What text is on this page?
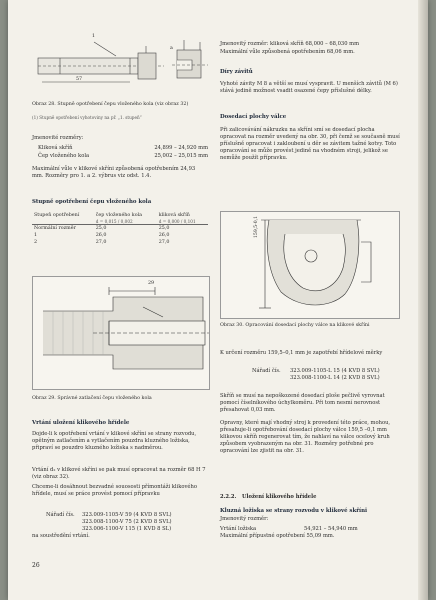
1
a
57
Obraz 28. Stupně opotřebení čepu vloženého kola (viz obraz 32)
(1) Stupně opotřebení vyhotoviny na př. „1. stupeň“
Jmenovité rozměry:
Kliková skříň	24,899 – 24,920 mm
Čep vloženého kola	25,002 – 25,015 mm
Maximální vůle v klikové skříni způsobená opotřebením 24,93 mm. Rozměry pro 1. a 2. výbrus viz odst. 1.4.
Stupně opotřebení čepu vloženého kola
Stupeň opotřebení	čep vloženého kola	kliková skříň
	d = 0,015 / 0,002	d = 0,000 / 0,101
Normální rozměr	25,0	25,0
1	26,0	26,0
2	27,0	27,0
29
Obraz 29. Správné zatlačení čepu vloženého kola
Vrtání uložení klikového hřídele
Dojde-li k opotřebení vrtání v klikové skříni se strany rozvodu, opětným zatlačením a vytlačením pouzdra kluzného ložiska, připraví se pouzdro kluzného ložiska s nadměrou.
Vrtání d₂ v klikové skříni se pak musí opracovat na rozměr 68 H 7 (viz obraz 32).
Chceme-li dosáhnout bezvadné souososti přímontáži klikového hřídele, musí se práce provést pomocí přípravku
Nářadí čís. 323.009-1105-V 59 (4 KVD 8 SVL)
323.008-1100-V 75 (2 KVD 8 SVL)
323.006-1100-V 115 (1 KVD 8 SL)
na soustředění vrtání.
26
Jmenovitý rozměr: kliková skříň 68,000 – 68,030 mm
Maximální vůle způsobená opotřebením 68,06 mm.
Díry závitů
Vyhoté závity M 8 a větší se musí vyspravit. U menších závitů (M 6) stává jedině možnost vsadit osazené čepy příslušné délky.
Dosedací plochy válce
Při zalicovávání nákruzku na skříni smí se dosedací plocha opracovat na rozměr uvedený na obr. 30, při čemž se současně musí příslušně opracovat i zakloubení u děr se závitem tažné kotvy. Toto opracování se může provést jedině na vhodném stroji, jelikož se nemůže použít přípravku.
159,5-0,1
Obraz 30. Opracování dosedací plochy válce na klikové skříni
K určení rozměru 159,5–0,1 mm je zapotřebí hřídelové měrky
Nářadí čís. 323.009-1105-L 15 (4 KVD 8 SVL)
323.008-1100-L 14 (2 KVD 8 SVL)
Skříň se musí na nepoškozené dosedací ploše pečlivě vyrovnat pomocí číselníkového úchylkoměru. Při tom nesmí nerovnost přesahovat 0,03 mm.
Opravny, které mají vhodný stroj k provedení této práce, mohou, přesahuje-li opotřebování dosedací plochy válce 159,5 –0,1 mm klikovou skříň regenerovat tím, že nahlaví na válce ocelový kruh způsobem vyobrazeným na obr. 31. Rozměry potřebné pro opracování lze zjistit na obr. 31.
2.2.2. Uložení klikového hřídele
Kluzná ložiska se strany rozvodu v klikové skříni
Jmenovitý rozměr:
Vrtání ložiska	54,921 – 54,940 mm
Maximální přípustné opotřebení 55,09 mm.
